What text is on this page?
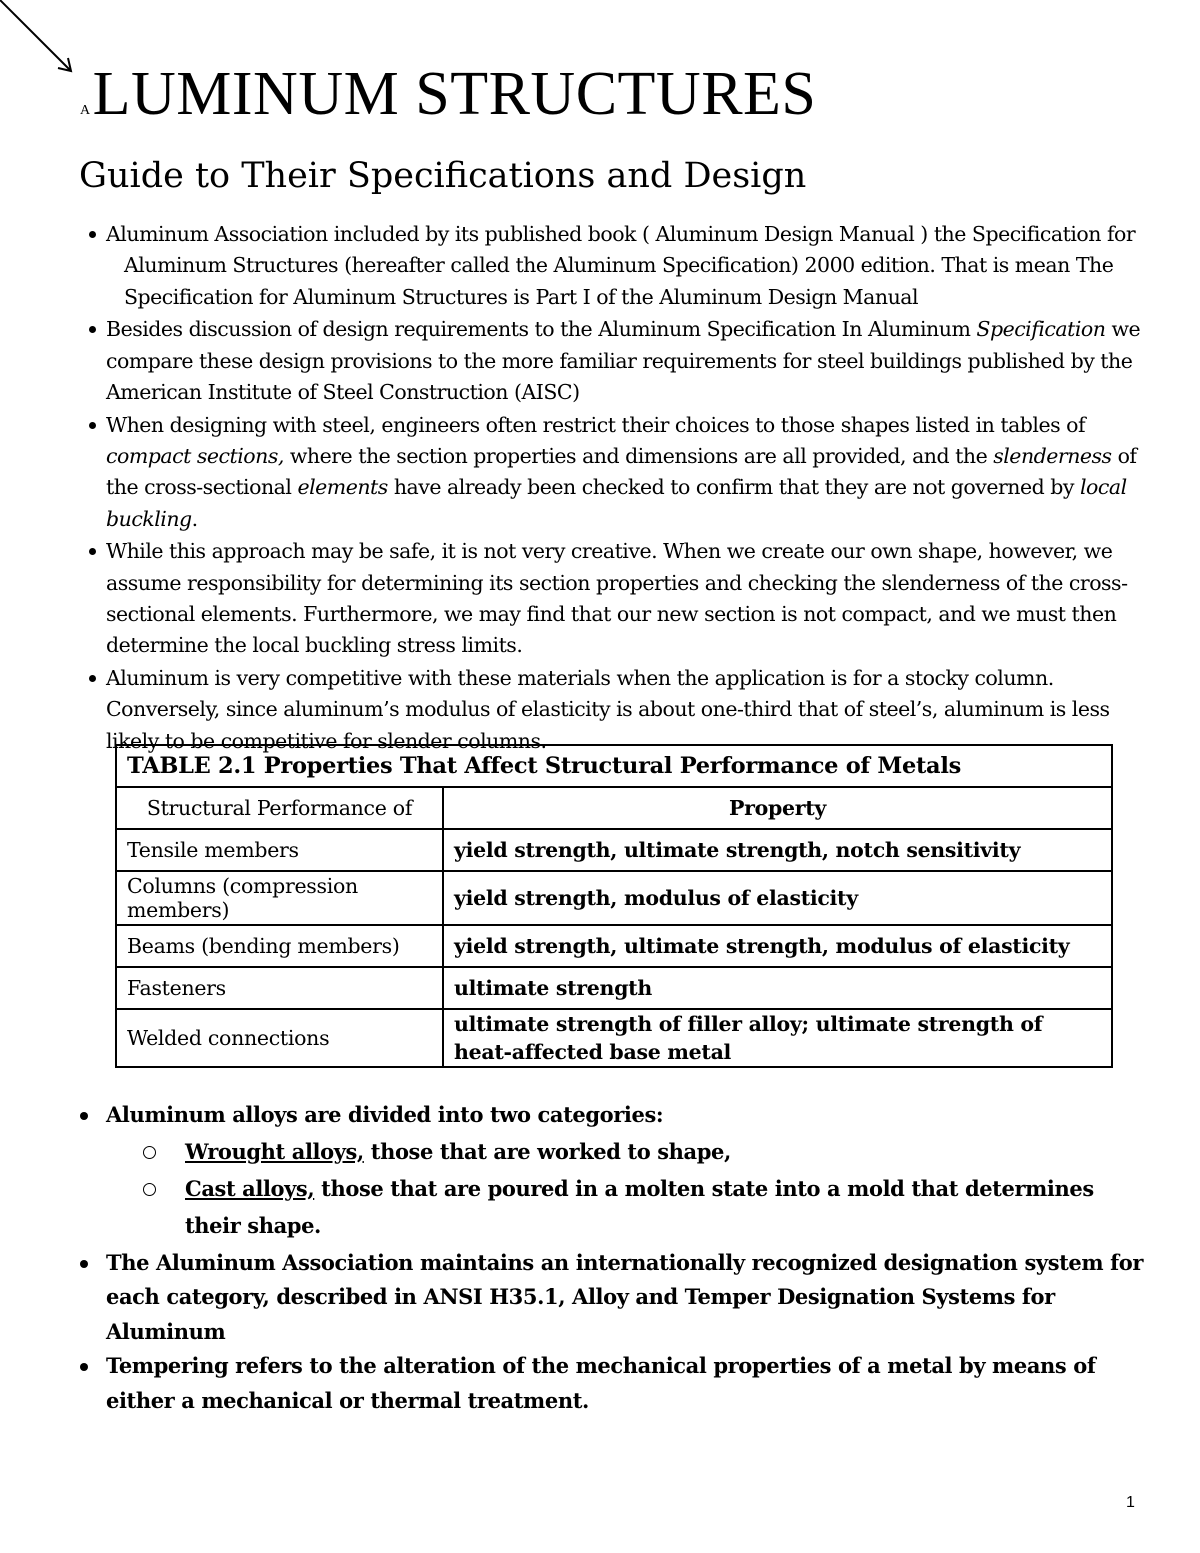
ALUMINUM STRUCTURES
Guide to Their Specifications and Design
Aluminum Association included by its published book ( Aluminum Design Manual ) the Specification for
Aluminum Structures (hereafter called the Aluminum Specification) 2000 edition. That is mean The
Specification for Aluminum Structures is Part I of the Aluminum Design Manual
Besides discussion of design requirements to the Aluminum Specification In Aluminum Specification we compare these design provisions to the more familiar requirements for steel buildings published by the American Institute of Steel Construction (AISC)
When designing with steel, engineers often restrict their choices to those shapes listed in tables of compact sections, where the section properties and dimensions are all provided, and the slenderness of the cross-sectional elements have already been checked to confirm that they are not governed by local buckling.
While this approach may be safe, it is not very creative. When we create our own shape, however, we assume responsibility for determining its section properties and checking the slenderness of the cross-sectional elements. Furthermore, we may find that our new section is not compact, and we must then determine the local buckling stress limits.
Aluminum is very competitive with these materials when the application is for a stocky column. Conversely, since aluminum’s modulus of elasticity is about one-third that of steel’s, aluminum is less likely to be competitive for slender columns.
TABLE 2.1 Properties That Affect Structural Performance of Metals	
Structural Performance of	Property
Tensile members	yield strength, ultimate strength, notch sensitivity
Columns (compression members)	yield strength, modulus of elasticity
Beams (bending members)	yield strength, ultimate strength, modulus of elasticity
Fasteners	ultimate strength
Welded connections	ultimate strength of filler alloy; ultimate strength of heat-affected base metal
Aluminum alloys are divided into two categories:
Wrought alloys, those that are worked to shape,
Cast alloys, those that are poured in a molten state into a mold that determines their shape.
The Aluminum Association maintains an internationally recognized designation system for each category, described in ANSI H35.1, Alloy and Temper Designation Systems for Aluminum
Tempering refers to the alteration of the mechanical properties of a metal by means of either a mechanical or thermal treatment.
1
